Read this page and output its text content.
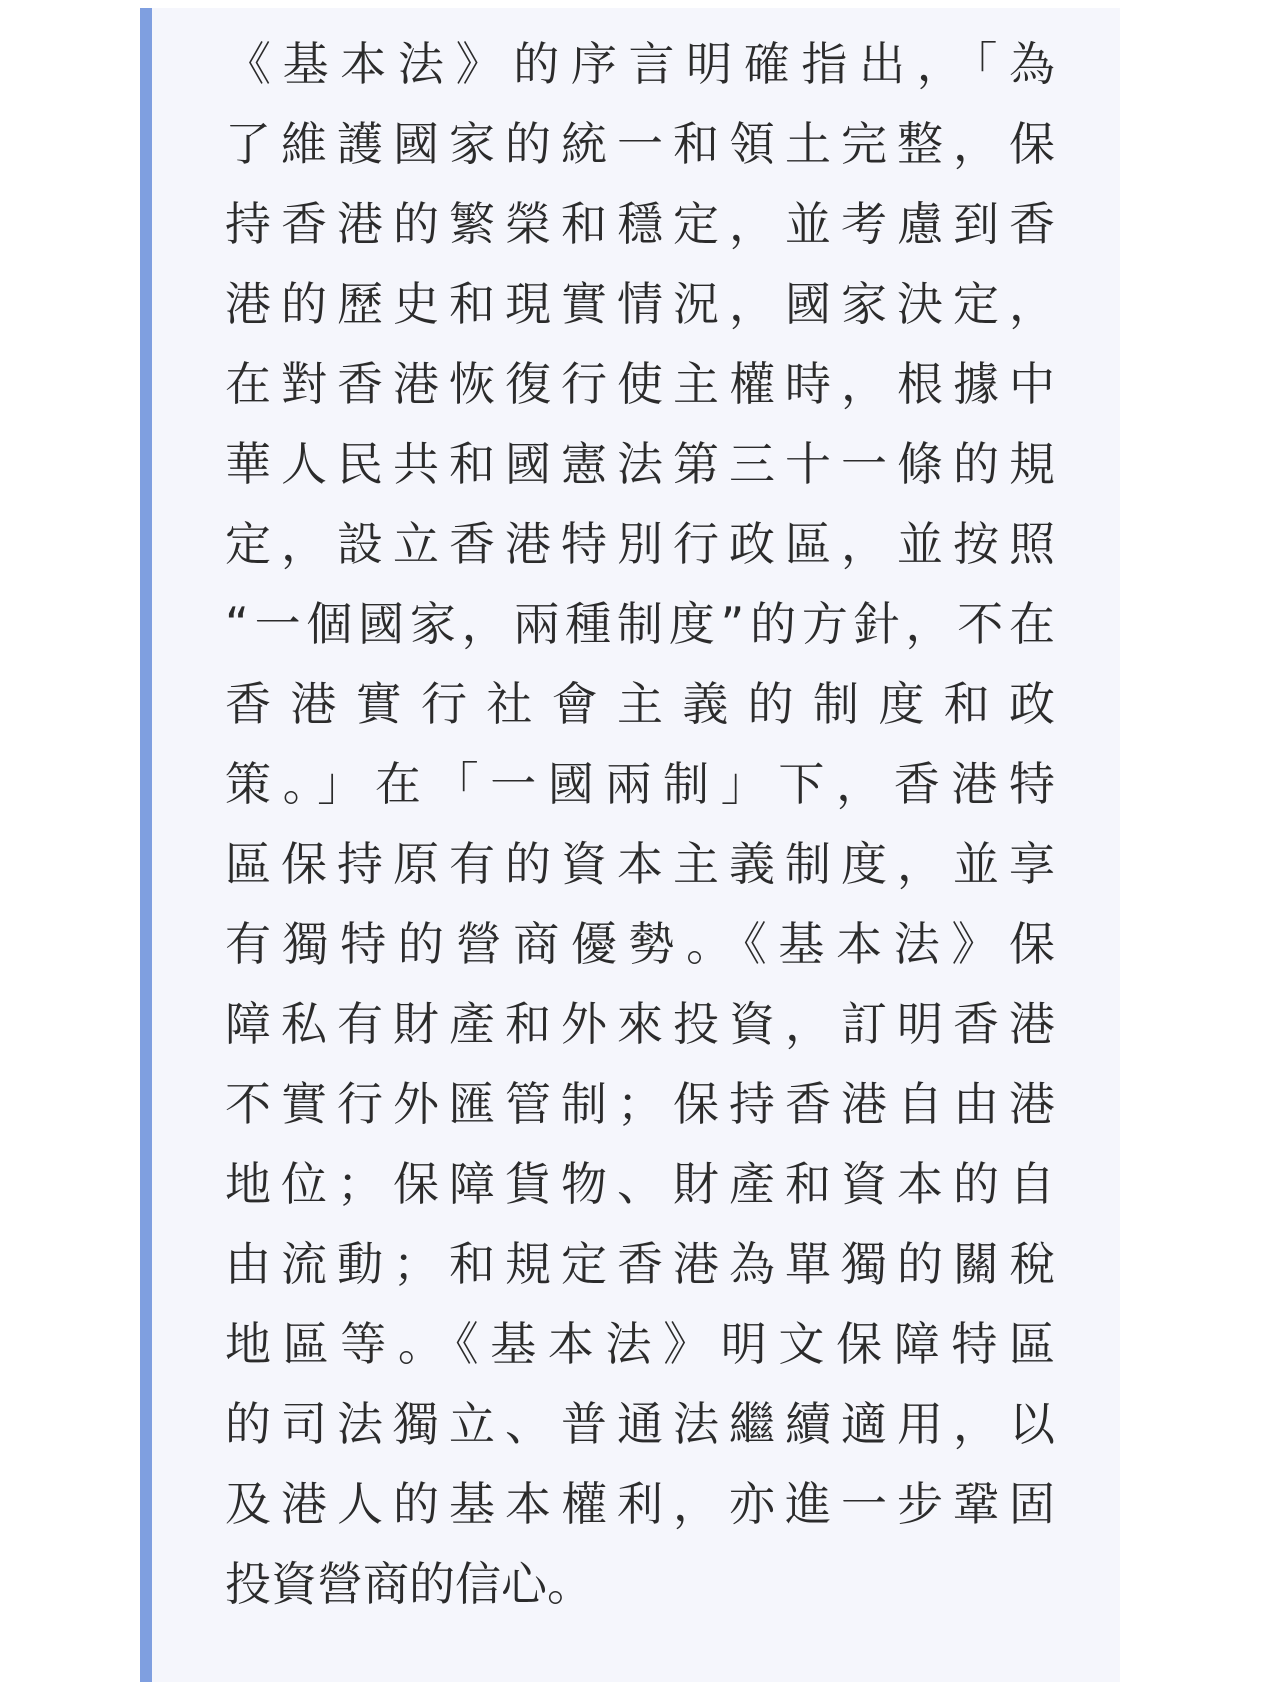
《基本法》的序言明確指出，「為
了維護國家的統一和領土完整，保
持香港的繁榮和穩定，並考慮到香
港的歷史和現實情況，國家決定，
在對香港恢復行使主權時，根據中
華人民共和國憲法第三十一條的規
定，設立香港特別行政區，並按照
“一個國家，兩種制度”的方針，不在
香港實行社會主義的制度和政
策。」在「一國兩制」下，香港特
區保持原有的資本主義制度，並享
有獨特的營商優勢。《基本法》保
障私有財產和外來投資，訂明香港
不實行外匯管制；保持香港自由港
地位；保障貨物、財產和資本的自
由流動；和規定香港為單獨的關稅
地區等。《基本法》明文保障特區
的司法獨立、普通法繼續適用，以
及港人的基本權利，亦進一步鞏固
投資營商的信心。
